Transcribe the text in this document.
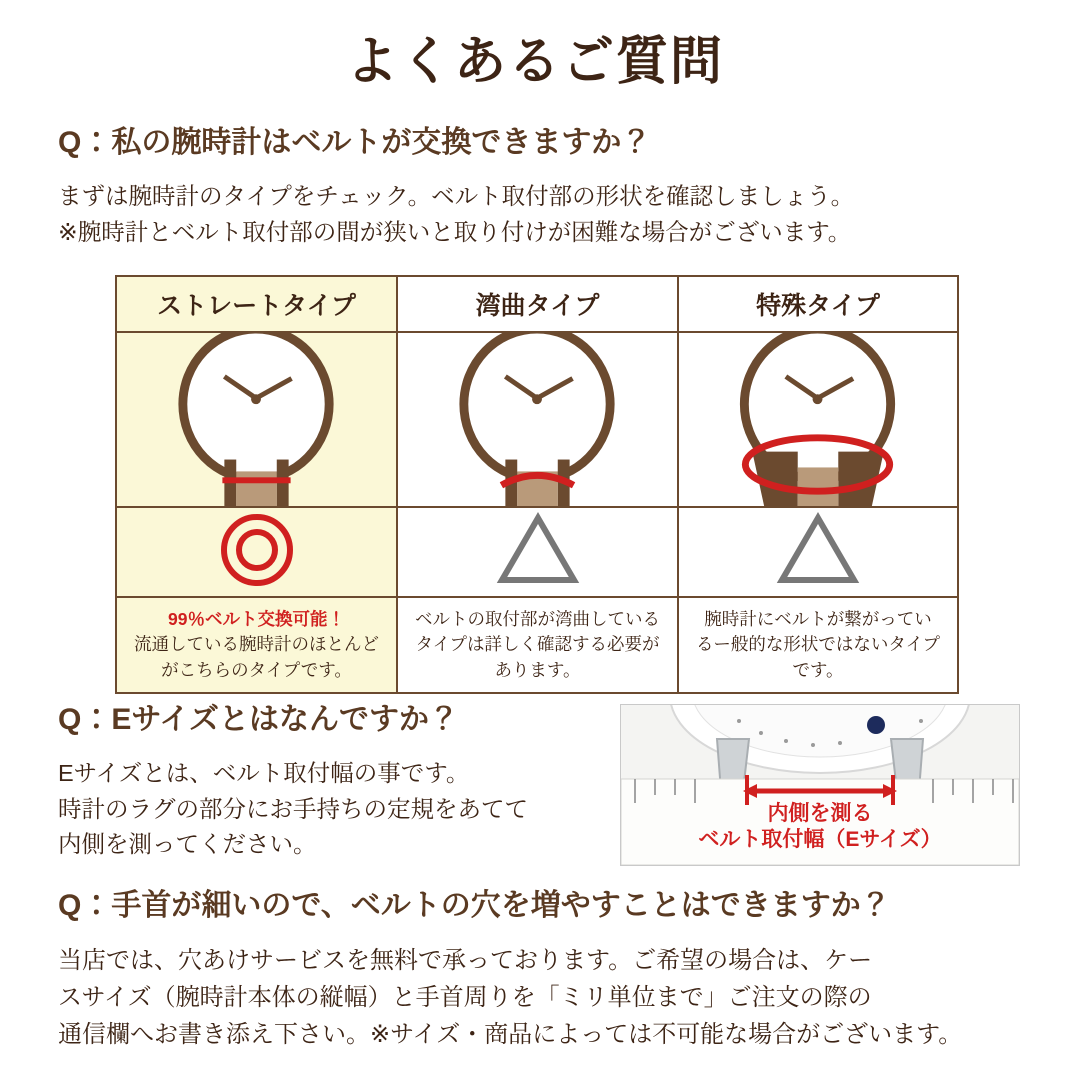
よくあるご質問
Q：私の腕時計はベルトが交換できますか？
まずは腕時計のタイプをチェック。ベルト取付部の形状を確認しましょう。
※腕時計とベルト取付部の間が狭いと取り付けが困難な場合がございます。
ストレートタイプ	湾曲タイプ	特殊タイプ

99％ベルト交換可能！
流通している腕時計のほとんど
がこちらのタイプです。

ベルトの取付部が湾曲している
タイプは詳しく確認する必要が
あります。

腕時計にベルトが繋がってい
るー般的な形状ではないタイプ
です。
Q：Eサイズとはなんですか？
Eサイズとは、ベルト取付幅の事です。
時計のラグの部分にお手持ちの定規をあてて
内側を測ってください。
内側を測る
ベルト取付幅（Eサイズ）
Q：手首が細いので、ベルトの穴を増やすことはできますか？
当店では、穴あけサービスを無料で承っております。ご希望の場合は、ケー
スサイズ（腕時計本体の縦幅）と手首周りを「ミリ単位まで」ご注文の際の
通信欄へお書き添え下さい。※サイズ・商品によっては不可能な場合がございます。
